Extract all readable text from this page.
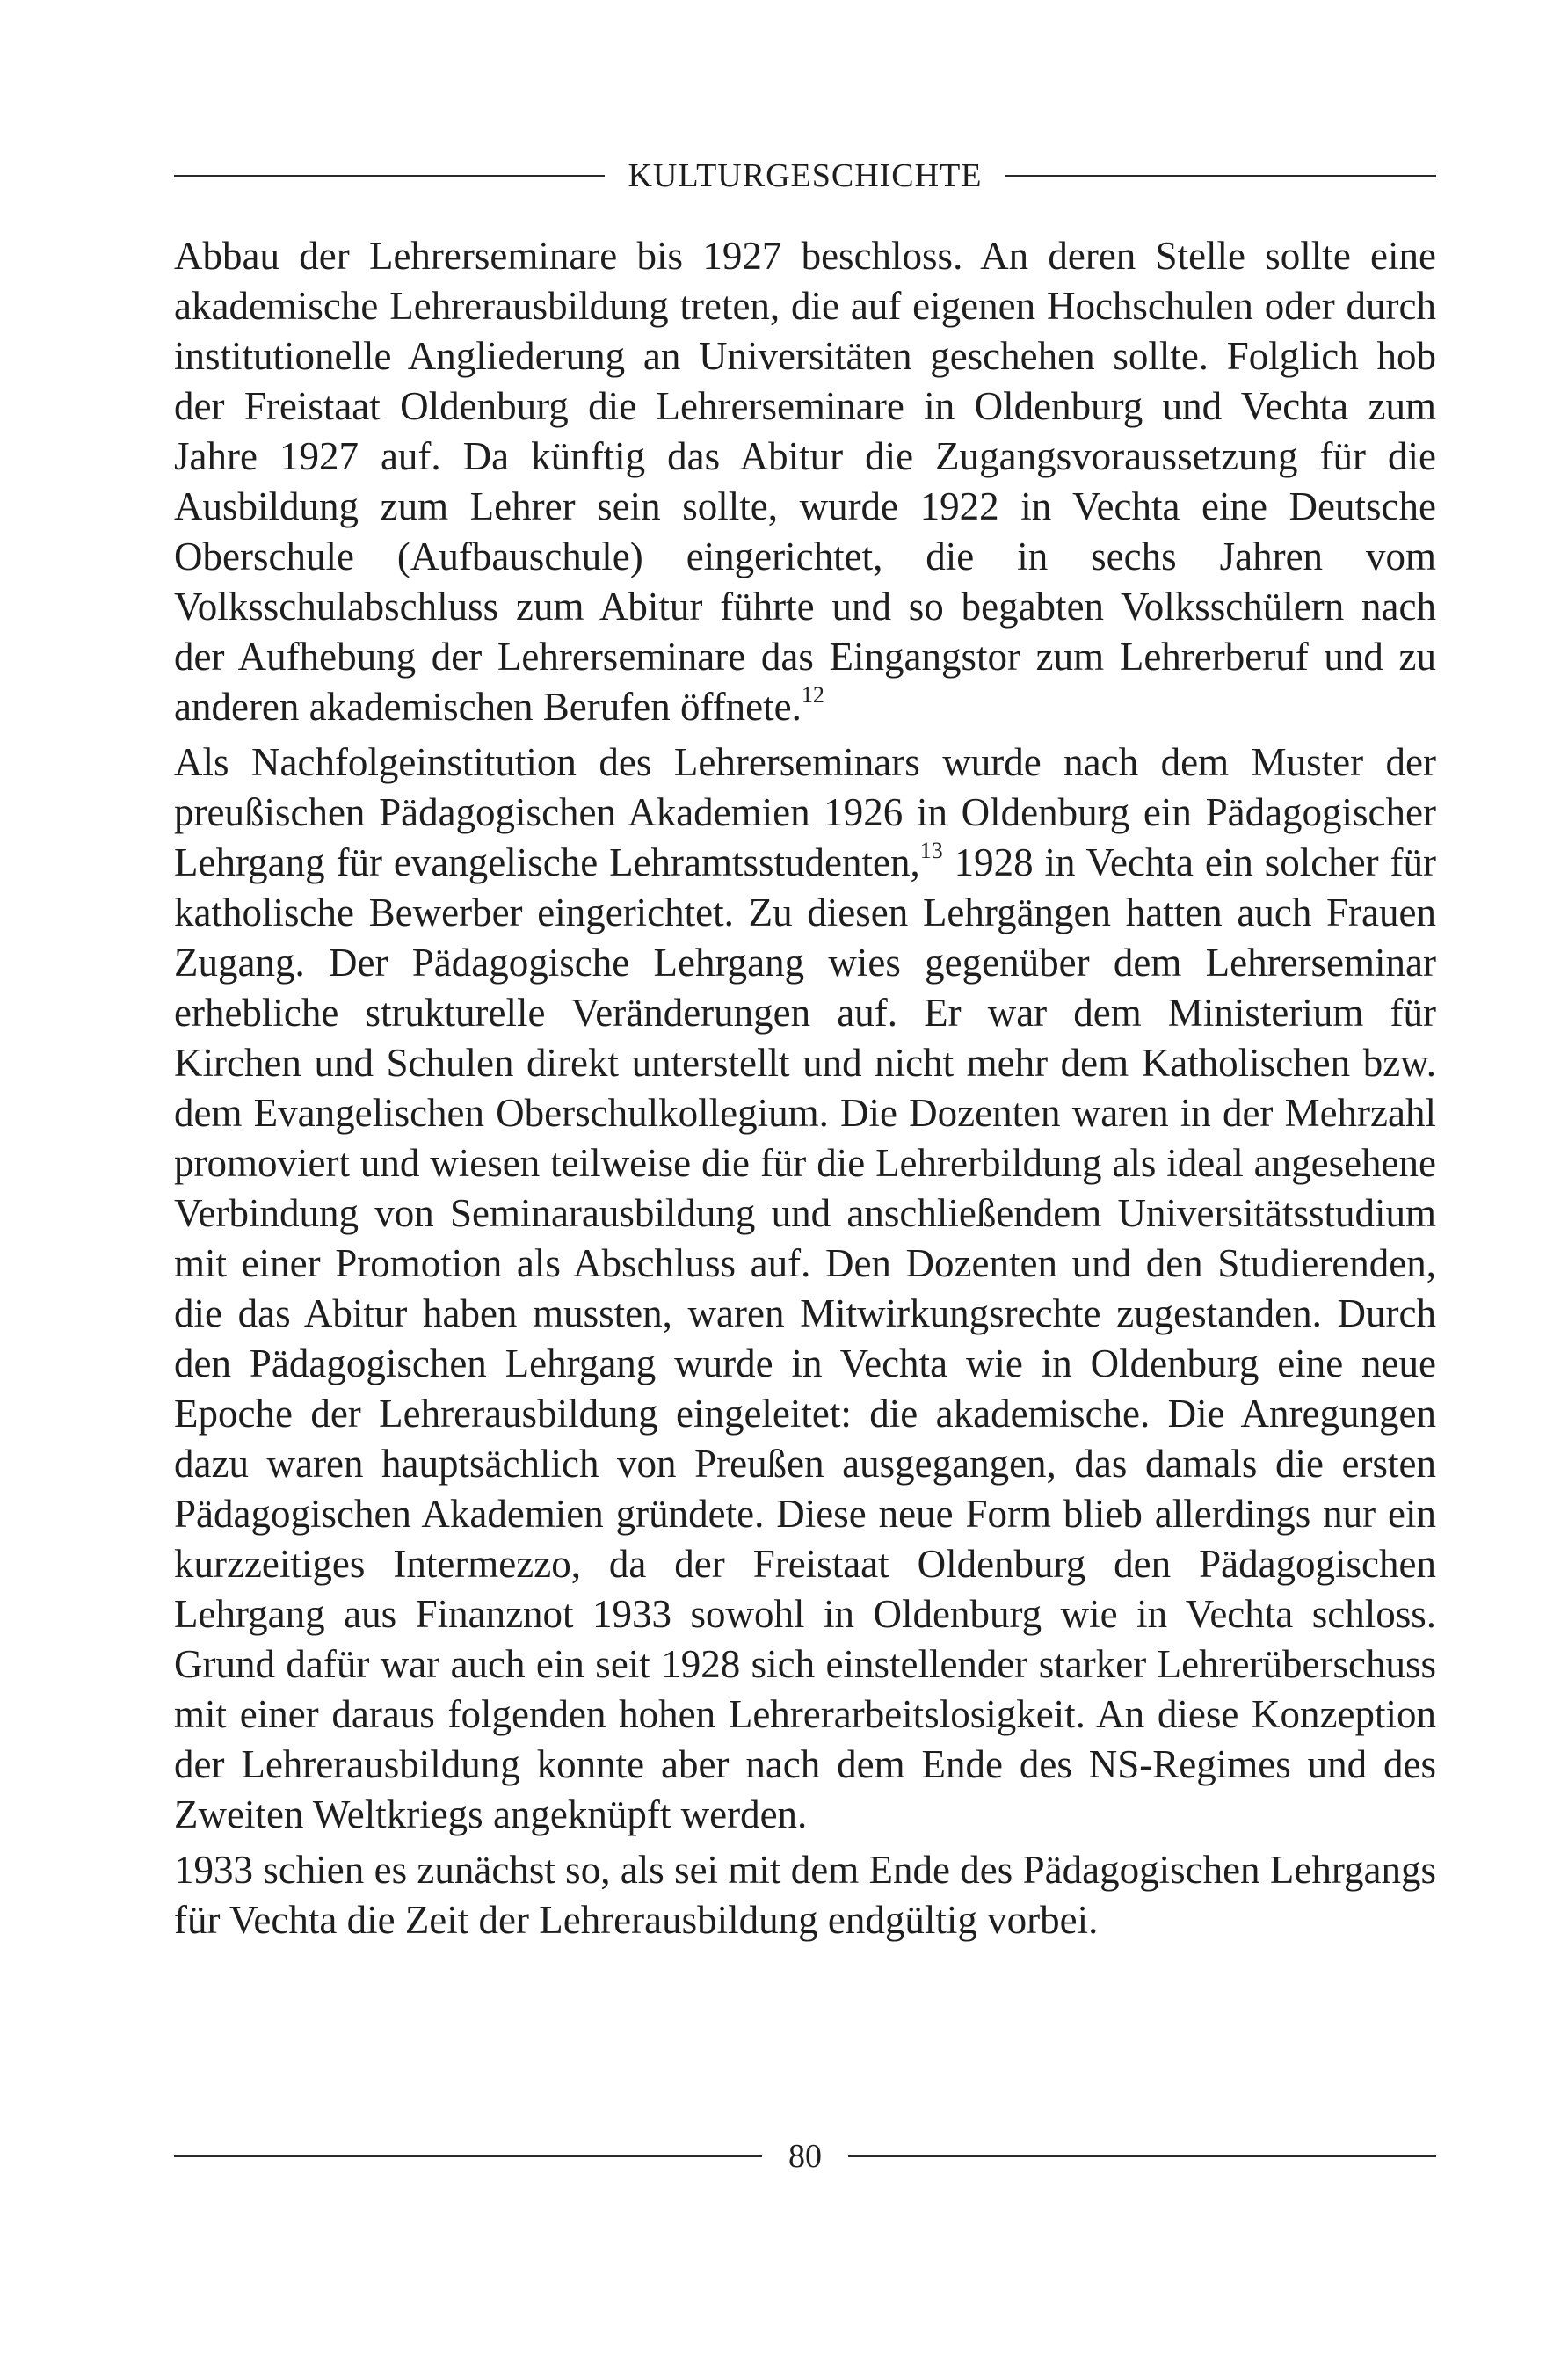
KULTURGESCHICHTE

Abbau der Lehrerseminare bis 1927 beschloss. An deren Stelle sollte eine akademische Lehrerausbildung treten, die auf eigenen Hochschulen oder durch institutionelle Angliederung an Universitäten geschehen sollte. Folglich hob der Freistaat Oldenburg die Lehrerseminare in Oldenburg und Vechta zum Jahre 1927 auf. Da künftig das Abitur die Zugangsvoraussetzung für die Ausbildung zum Lehrer sein sollte, wurde 1922 in Vechta eine Deutsche Oberschule (Aufbauschule) eingerichtet, die in sechs Jahren vom Volksschulabschluss zum Abitur führte und so begabten Volksschülern nach der Aufhebung der Lehrerseminare das Eingangstor zum Lehrerberuf und zu anderen akademischen Berufen öffnete.$^{12}$

Als Nachfolgeinstitution des Lehrerseminars wurde nach dem Muster der preußischen Pädagogischen Akademien 1926 in Oldenburg ein Pädagogischer Lehrgang für evangelische Lehramtsstudenten,$^{13}$ 1928 in Vechta ein solcher für katholische Bewerber eingerichtet. Zu diesen Lehrgängen hatten auch Frauen Zugang. Der Pädagogische Lehrgang wies gegenüber dem Lehrerseminar erhebliche strukturelle Veränderungen auf. Er war dem Ministerium für Kirchen und Schulen direkt unterstellt und nicht mehr dem Katholischen bzw. dem Evangelischen Oberschulkollegium. Die Dozenten waren in der Mehrzahl promoviert und wiesen teilweise die für die Lehrerbildung als ideal angesehene Verbindung von Seminarausbildung und anschließendem Universitätsstudium mit einer Promotion als Abschluss auf. Den Dozenten und den Studierenden, die das Abitur haben mussten, waren Mitwirkungsrechte zugestanden. Durch den Pädagogischen Lehrgang wurde in Vechta wie in Oldenburg eine neue Epoche der Lehrerausbildung eingeleitet: die akademische. Die Anregungen dazu waren hauptsächlich von Preußen ausgegangen, das damals die ersten Pädagogischen Akademien gründete. Diese neue Form blieb allerdings nur ein kurzzeitiges Intermezzo, da der Freistaat Oldenburg den Pädagogischen Lehrgang aus Finanznot 1933 sowohl in Oldenburg wie in Vechta schloss. Grund dafür war auch ein seit 1928 sich einstellender starker Lehrerüberschuss mit einer daraus folgenden hohen Lehrerarbeitslosigkeit. An diese Konzeption der Lehrerausbildung konnte aber nach dem Ende des NS-Regimes und des Zweiten Weltkriegs angeknüpft werden.

1933 schien es zunächst so, als sei mit dem Ende des Pädagogischen Lehrgangs für Vechta die Zeit der Lehrerausbildung endgültig vorbei.

80
